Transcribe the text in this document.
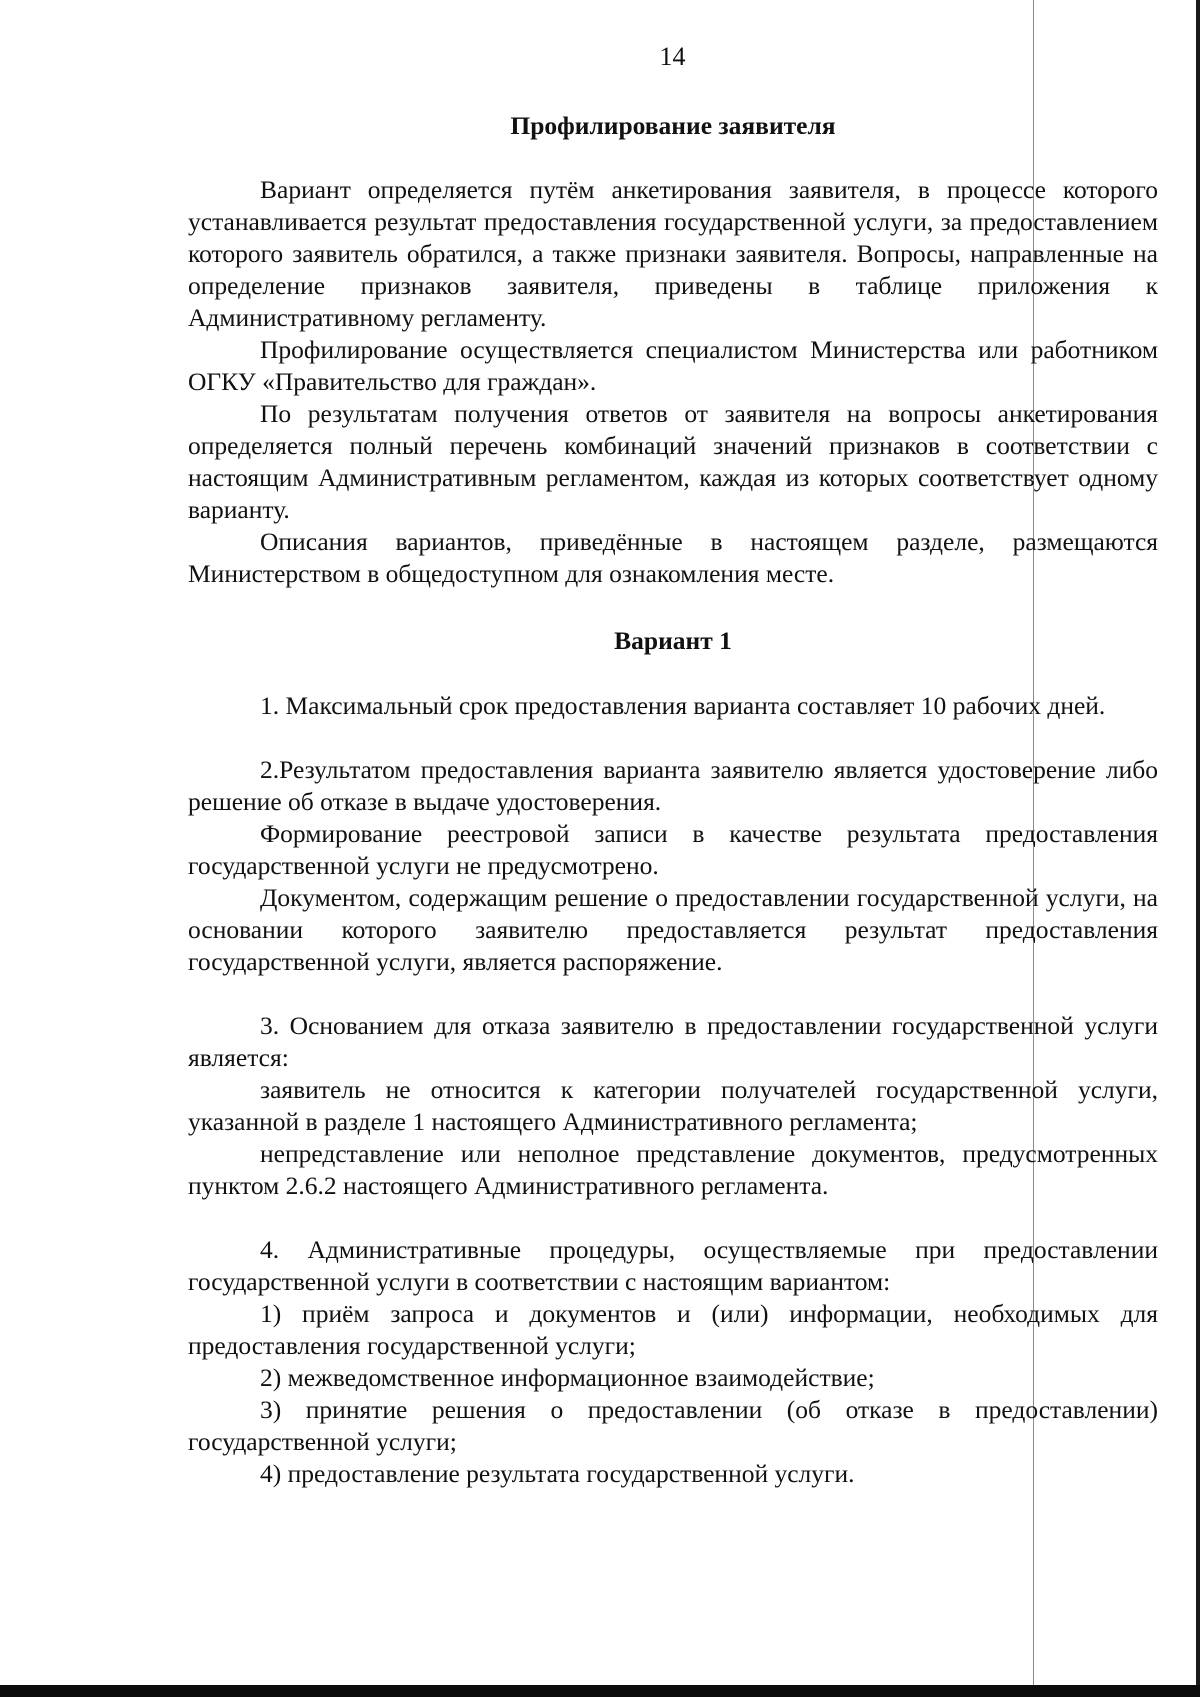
14
Профилирование заявителя

Вариант определяется путём анкетирования заявителя, в процессе которого устанавливается результат предоставления государственной услуги, за предоставлением которого заявитель обратился, а также признаки заявителя. Вопросы, направленные на определение признаков заявителя, приведены в таблице приложения к Административному регламенту.

Профилирование осуществляется специалистом Министерства или работником ОГКУ «Правительство для граждан».

По результатам получения ответов от заявителя на вопросы анкетирования определяется полный перечень комбинаций значений признаков в соответствии с настоящим Административным регламентом, каждая из которых соответствует одному варианту.

Описания вариантов, приведённые в настоящем разделе, размещаются Министерством в общедоступном для ознакомления месте.

Вариант 1

1. Максимальный срок предоставления варианта составляет 10 рабочих дней.

2.Результатом предоставления варианта заявителю является удостоверение либо решение об отказе в выдаче удостоверения.

Формирование реестровой записи в качестве результата предоставления государственной услуги не предусмотрено.

Документом, содержащим решение о предоставлении государственной услуги, на основании которого заявителю предоставляется результат предоставления государственной услуги, является распоряжение.

3. Основанием для отказа заявителю в предоставлении государственной услуги является:

заявитель не относится к категории получателей государственной услуги, указанной в разделе 1 настоящего Административного регламента;

непредставление или неполное представление документов, предусмотренных пунктом 2.6.2 настоящего Административного регламента.

4. Административные процедуры, осуществляемые при предоставлении государственной услуги в соответствии с настоящим вариантом:

1) приём запроса и документов и (или) информации, необходимых для предоставления государственной услуги;

2) межведомственное информационное взаимодействие;

3) принятие решения о предоставлении (об отказе в предоставлении) государственной услуги;

4) предоставление результата государственной услуги.
